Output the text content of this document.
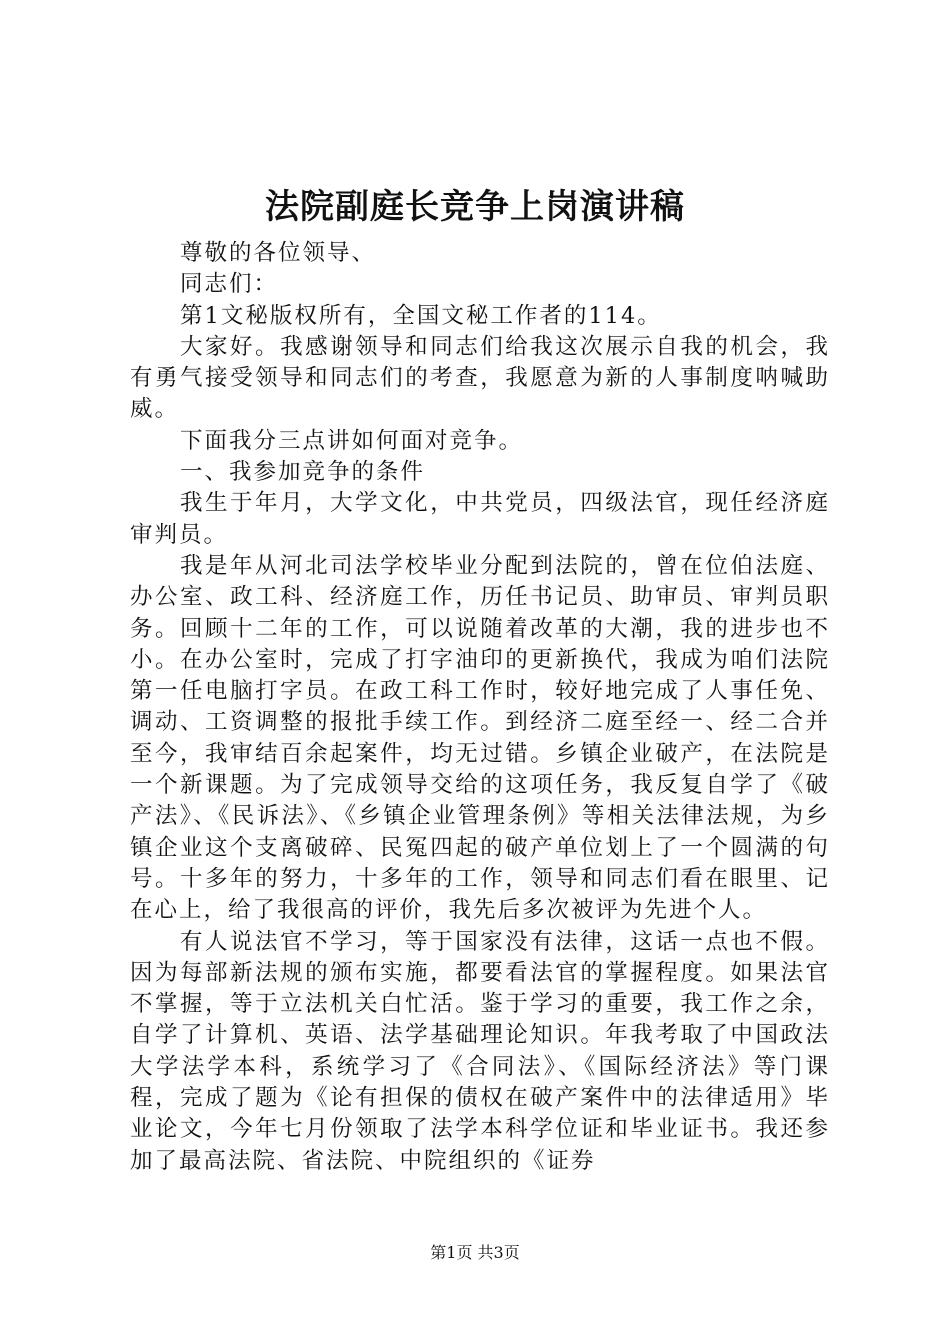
法院副庭长竞争上岗演讲稿

尊敬的各位领导、

同志们：

第1文秘版权所有，全国文秘工作者的114。

大家好。我感谢领导和同志们给我这次展示自我的机会，我有勇气接受领导和同志们的考查，我愿意为新的人事制度呐喊助威。

下面我分三点讲如何面对竞争。

一、我参加竞争的条件

我生于年月，大学文化，中共党员，四级法官，现任经济庭审判员。

我是年从河北司法学校毕业分配到法院的，曾在位伯法庭、办公室、政工科、经济庭工作，历任书记员、助审员、审判员职务。回顾十二年的工作，可以说随着改革的大潮，我的进步也不小。在办公室时，完成了打字油印的更新换代，我成为咱们法院第一任电脑打字员。在政工科工作时，较好地完成了人事任免、调动、工资调整的报批手续工作。到经济二庭至经一、经二合并至今，我审结百余起案件，均无过错。乡镇企业破产，在法院是一个新课题。为了完成领导交给的这项任务，我反复自学了《破产法》、《民诉法》、《乡镇企业管理条例》等相关法律法规，为乡镇企业这个支离破碎、民冤四起的破产单位划上了一个圆满的句号。十多年的努力，十多年的工作，领导和同志们看在眼里、记在心上，给了我很高的评价，我先后多次被评为先进个人。

有人说法官不学习，等于国家没有法律，这话一点也不假。因为每部新法规的颁布实施，都要看法官的掌握程度。如果法官不掌握，等于立法机关白忙活。鉴于学习的重要，我工作之余，自学了计算机、英语、法学基础理论知识。年我考取了中国政法大学法学本科，系统学习了《合同法》、《国际经济法》等门课程，完成了题为《论有担保的债权在破产案件中的法律适用》毕业论文，今年七月份领取了法学本科学位证和毕业证书。我还参加了最高法院、省法院、中院组织的《证券

第1页 共3页
